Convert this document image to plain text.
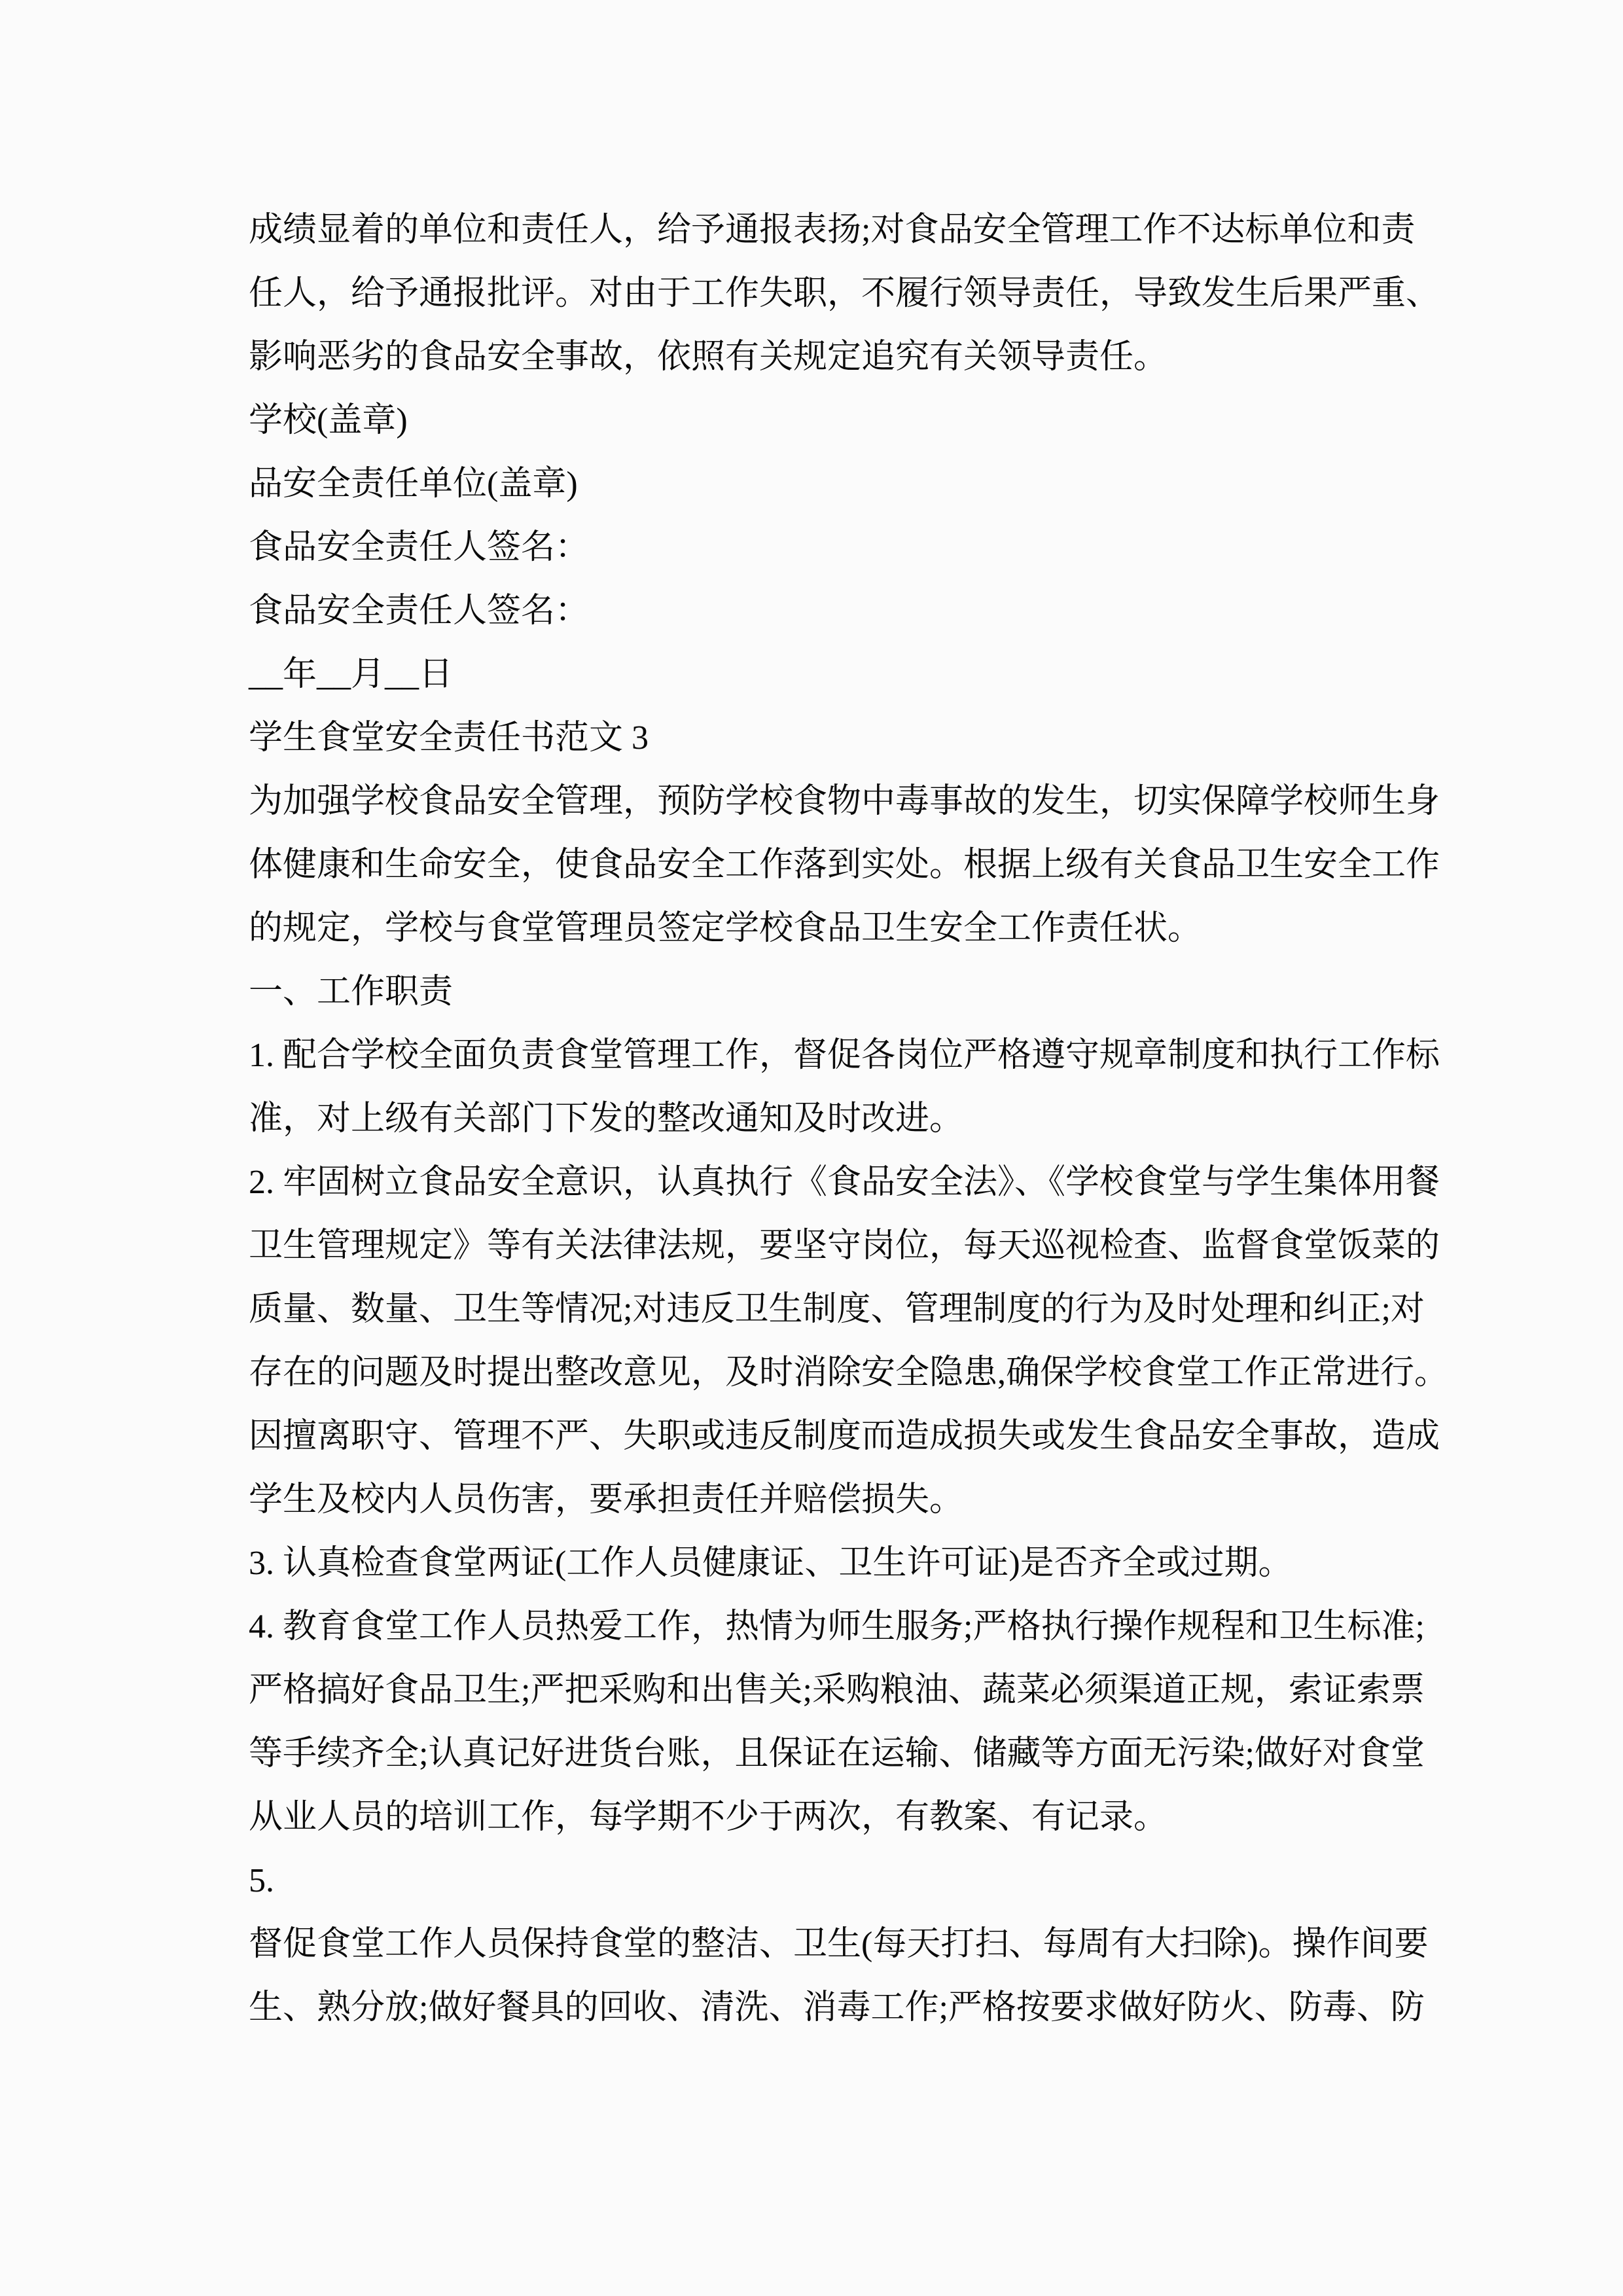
成绩显着的单位和责任人，给予通报表扬;对食品安全管理工作不达标单位和责

任人，给予通报批评。对由于工作失职，不履行领导责任，导致发生后果严重、

影响恶劣的食品安全事故，依照有关规定追究有关领导责任。

学校(盖章)

品安全责任单位(盖章)

食品安全责任人签名：

食品安全责任人签名：

__年__月__日

学生食堂安全责任书范文 3

为加强学校食品安全管理，预防学校食物中毒事故的发生，切实保障学校师生身

体健康和生命安全，使食品安全工作落到实处。根据上级有关食品卫生安全工作

的规定，学校与食堂管理员签定学校食品卫生安全工作责任状。

一、工作职责

1. 配合学校全面负责食堂管理工作，督促各岗位严格遵守规章制度和执行工作标

准，对上级有关部门下发的整改通知及时改进。

2. 牢固树立食品安全意识，认真执行《食品安全法》、《学校食堂与学生集体用餐

卫生管理规定》等有关法律法规，要坚守岗位，每天巡视检查、监督食堂饭菜的

质量、数量、卫生等情况;对违反卫生制度、管理制度的行为及时处理和纠正;对

存在的问题及时提出整改意见，及时消除安全隐患,确保学校食堂工作正常进行。

因擅离职守、管理不严、失职或违反制度而造成损失或发生食品安全事故，造成

学生及校内人员伤害，要承担责任并赔偿损失。

3. 认真检查食堂两证(工作人员健康证、卫生许可证)是否齐全或过期。

4. 教育食堂工作人员热爱工作，热情为师生服务;严格执行操作规程和卫生标准;

严格搞好食品卫生;严把采购和出售关;采购粮油、蔬菜必须渠道正规，索证索票

等手续齐全;认真记好进货台账，且保证在运输、储藏等方面无污染;做好对食堂

从业人员的培训工作，每学期不少于两次，有教案、有记录。

5.

督促食堂工作人员保持食堂的整洁、卫生(每天打扫、每周有大扫除)。操作间要

生、熟分放;做好餐具的回收、清洗、消毒工作;严格按要求做好防火、防毒、防
